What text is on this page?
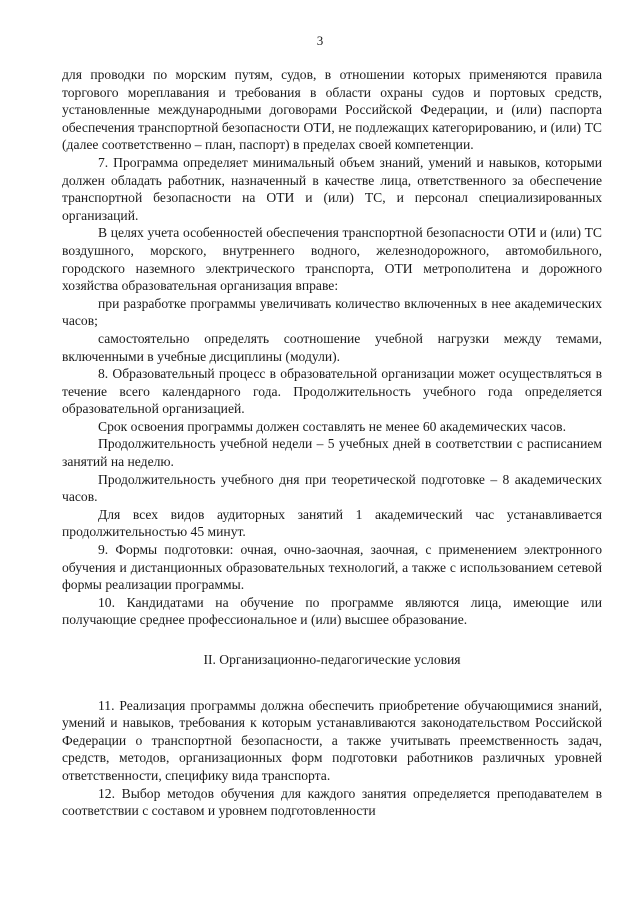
3

для проводки по морским путям, судов, в отношении которых применяются правила торгового мореплавания и требования в области охраны судов и портовых средств, установленные международными договорами Российской Федерации, и (или) паспорта обеспечения транспортной безопасности ОТИ, не подлежащих категорированию, и (или) ТС (далее соответственно – план, паспорт) в пределах своей компетенции.

7. Программа определяет минимальный объем знаний, умений и навыков, которыми должен обладать работник, назначенный в качестве лица, ответственного за обеспечение транспортной безопасности на ОТИ и (или) ТС, и персонал специализированных организаций.

В целях учета особенностей обеспечения транспортной безопасности ОТИ и (или) ТС воздушного, морского, внутреннего водного, железнодорожного, автомобильного, городского наземного электрического транспорта, ОТИ метрополитена и дорожного хозяйства образовательная организация вправе:

при разработке программы увеличивать количество включенных в нее академических часов;

самостоятельно определять соотношение учебной нагрузки между темами, включенными в учебные дисциплины (модули).

8. Образовательный процесс в образовательной организации может осуществляться в течение всего календарного года. Продолжительность учебного года определяется образовательной организацией.

Срок освоения программы должен составлять не менее 60 академических часов.

Продолжительность учебной недели – 5 учебных дней в соответствии с расписанием занятий на неделю.

Продолжительность учебного дня при теоретической подготовке – 8 академических часов.

Для всех видов аудиторных занятий 1 академический час устанавливается продолжительностью 45 минут.

9. Формы подготовки: очная, очно-заочная, заочная, с применением электронного обучения и дистанционных образовательных технологий, а также с использованием сетевой формы реализации программы.

10. Кандидатами на обучение по программе являются лица, имеющие или получающие среднее профессиональное и (или) высшее образование.

II. Организационно-педагогические условия

11. Реализация программы должна обеспечить приобретение обучающимися знаний, умений и навыков, требования к которым устанавливаются законодательством Российской Федерации о транспортной безопасности, а также учитывать преемственность задач, средств, методов, организационных форм подготовки работников различных уровней ответственности, специфику вида транспорта.

12. Выбор методов обучения для каждого занятия определяется преподавателем в соответствии с составом и уровнем подготовленности
